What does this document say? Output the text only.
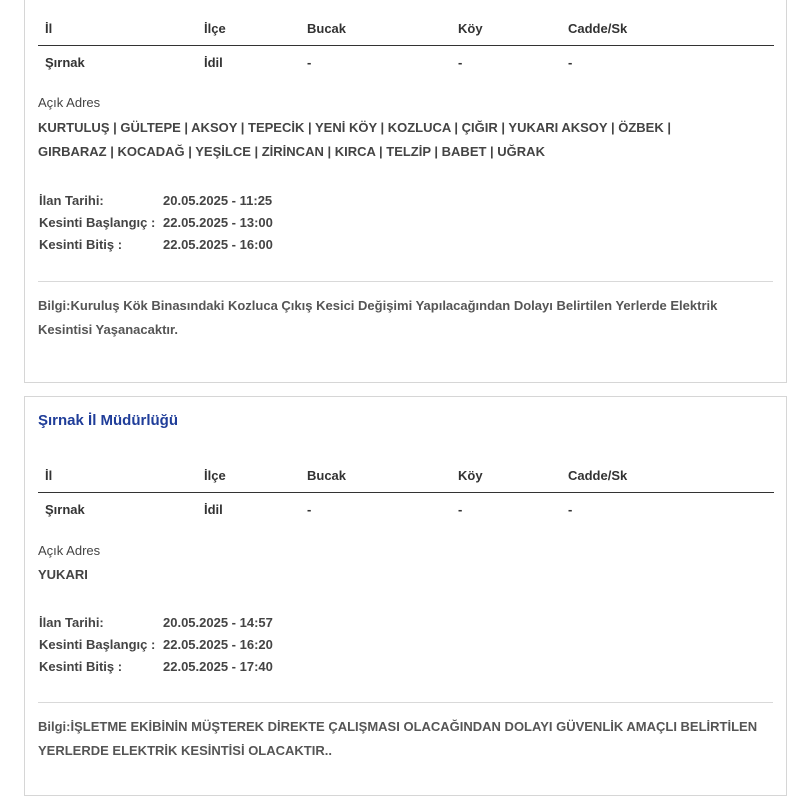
İl	İlçe	Bucak	Köy	Cadde/Sk
Şırnak	İdil	-	-	-
Açık Adres
KURTULUŞ | GÜLTEPE | AKSOY | TEPECİK | YENİ KÖY | KOZLUCA | ÇIĞIR | YUKARI AKSOY | ÖZBEK | GIRBARAZ | KOCADAĞ | YEŞİLCE | ZİRİNCAN | KIRCA | TELZİP | BABET | UĞRAK
İlan Tarihi:	20.05.2025 - 11:25
Kesinti Başlangıç :	22.05.2025 - 13:00
Kesinti Bitiş :	22.05.2025 - 16:00
Bilgi:Kuruluş Kök Binasındaki Kozluca Çıkış Kesici Değişimi Yapılacağından Dolayı Belirtilen Yerlerde Elektrik Kesintisi Yaşanacaktır.
Şırnak İl Müdürlüğü
İl	İlçe	Bucak	Köy	Cadde/Sk
Şırnak	İdil	-	-	-
Açık Adres
YUKARI
İlan Tarihi:	20.05.2025 - 14:57
Kesinti Başlangıç :	22.05.2025 - 16:20
Kesinti Bitiş :	22.05.2025 - 17:40
Bilgi:İŞLETME EKİBİNİN MÜŞTEREK DİREKTE ÇALIŞMASI OLACAĞINDAN DOLAYI GÜVENLİK AMAÇLI BELİRTİLEN YERLERDE ELEKTRİK KESİNTİSİ OLACAKTIR..
